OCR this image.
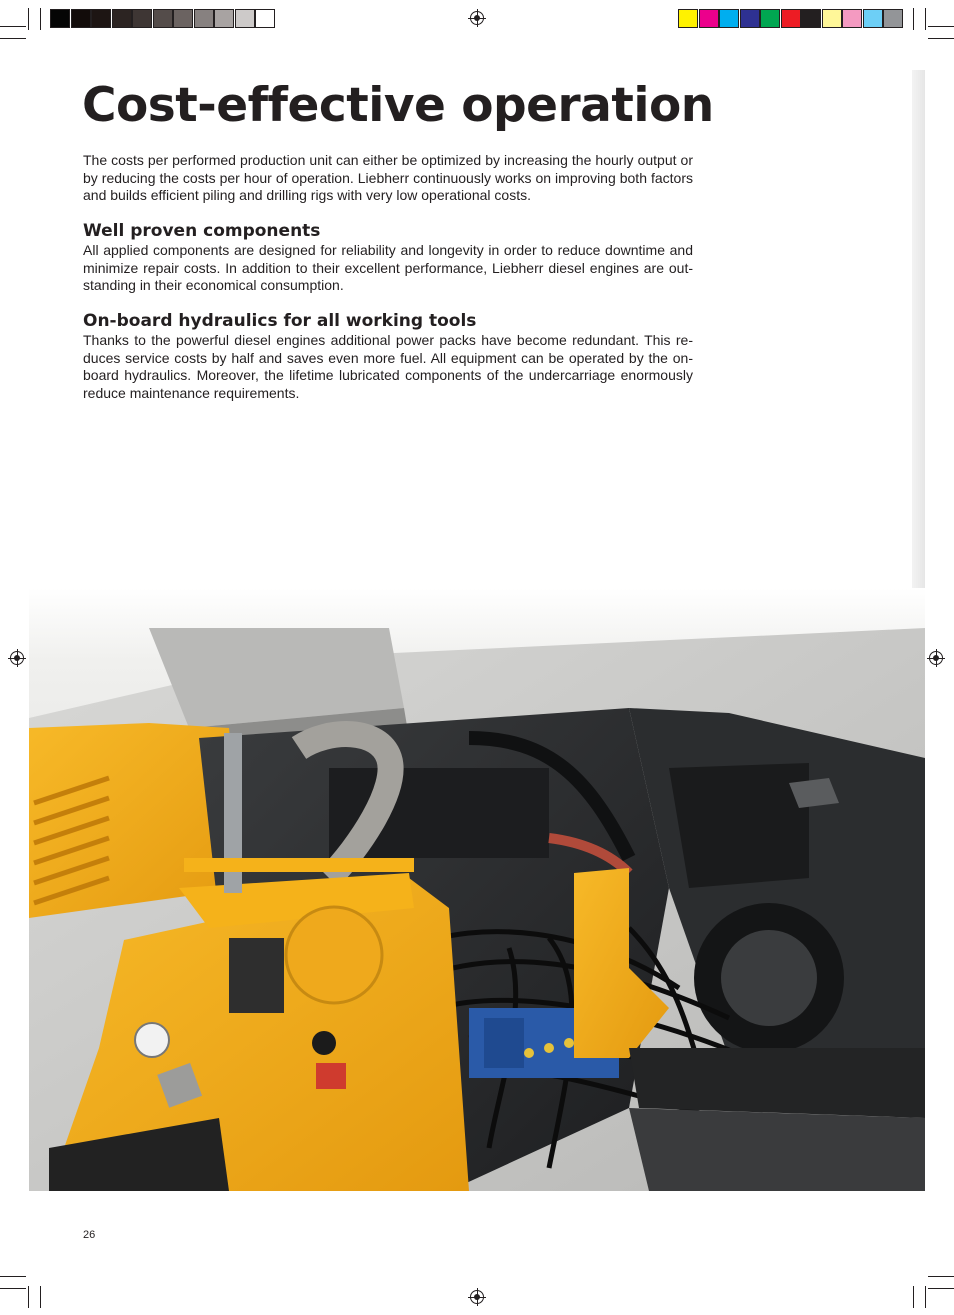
Cost-effective operation

The costs per performed production unit can either be optimized by increasing the hourly output or by reducing the costs per hour of operation. Liebherr continuously works on improving both factors and builds efficient piling and drilling rigs with very low operational costs.

Well proven components

All applied components are designed for reliability and longevity in order to reduce downtime and minimize repair costs. In addition to their excellent performance, Liebherr diesel engines are out-standing in their economical consumption.

On-board hydraulics for all working tools

Thanks to the powerful diesel engines additional power packs have become redundant. This re-duces service costs by half and saves even more fuel. All equipment can be operated by the on-board hydraulics. Moreover, the lifetime lubricated components of the undercarriage enormously reduce maintenance requirements.

26
